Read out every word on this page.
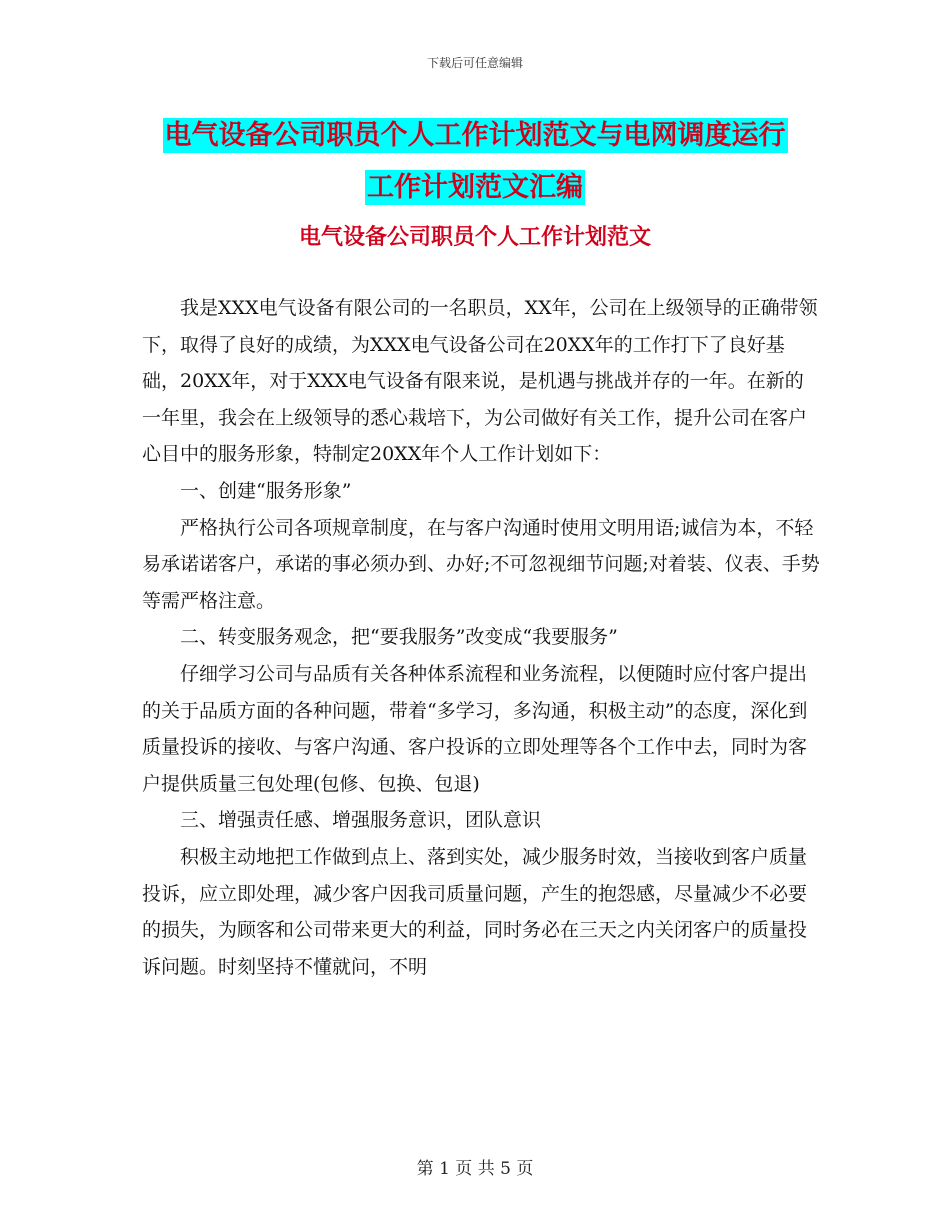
下载后可任意编辑
电气设备公司职员个人工作计划范文与电网调度运行
工作计划范文汇编
电气设备公司职员个人工作计划范文

我是XXX电气设备有限公司的一名职员，XX年，公司在上级领导的正确带领下，取得了良好的成绩，为XXX电气设备公司在20XX年的工作打下了良好基础，20XX年，对于XXX电气设备有限来说，是机遇与挑战并存的一年。在新的一年里，我会在上级领导的悉心栽培下，为公司做好有关工作，提升公司在客户心目中的服务形象，特制定20XX年个人工作计划如下：

一、创建“服务形象”

严格执行公司各项规章制度，在与客户沟通时使用文明用语;诚信为本，不轻易承诺诺客户，承诺的事必须办到、办好;不可忽视细节问题;对着装、仪表、手势等需严格注意。

二、转变服务观念，把“要我服务”改变成“我要服务”

仔细学习公司与品质有关各种体系流程和业务流程，以便随时应付客户提出的关于品质方面的各种问题，带着“多学习，多沟通，积极主动”的态度，深化到质量投诉的接收、与客户沟通、客户投诉的立即处理等各个工作中去，同时为客户提供质量三包处理(包修、包换、包退)

三、增强责任感、增强服务意识，团队意识

积极主动地把工作做到点上、落到实处，减少服务时效，当接收到客户质量投诉，应立即处理，减少客户因我司质量问题，产生的抱怨感，尽量减少不必要的损失，为顾客和公司带来更大的利益，同时务必在三天之内关闭客户的质量投诉问题。时刻坚持不懂就问，不明

第 1 页 共 5 页
